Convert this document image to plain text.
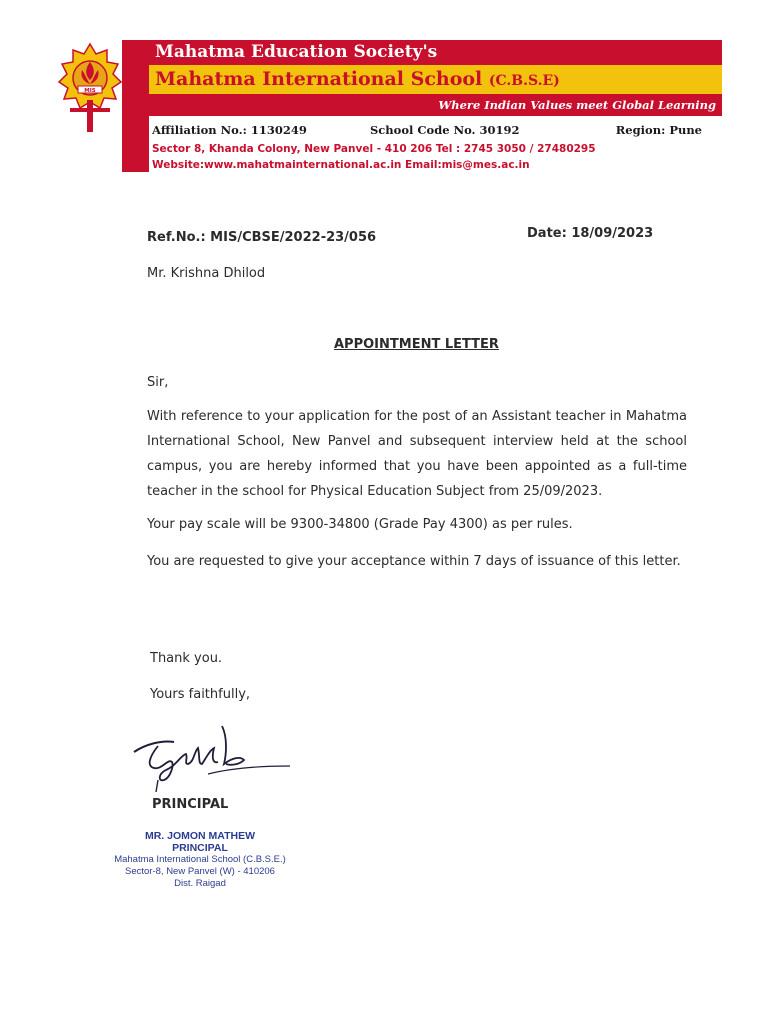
MIS
Mahatma Education Society's
Mahatma International School (C.B.S.E)
Where Indian Values meet Global Learning
Affiliation No.: 1130249	School Code No. 30192	Region: Pune
Sector 8, Khanda Colony, New Panvel - 410 206 Tel : 2745 3050 / 27480295
Website:www.mahatmainternational.ac.in Email:mis@mes.ac.in
Ref.No.: MIS/CBSE/2022-23/056	Date: 18/09/2023
Mr. Krishna Dhilod
APPOINTMENT LETTER
Sir,
With reference to your application for the post of an Assistant teacher in Mahatma International School, New Panvel and subsequent interview held at the school campus, you are hereby informed that you have been appointed as a full-time teacher in the school for Physical Education Subject from 25/09/2023.
Your pay scale will be 9300-34800 (Grade Pay 4300) as per rules.
You are requested to give your acceptance within 7 days of issuance of this letter.
Thank you.
Yours faithfully,
PRINCIPAL
MR. JOMON MATHEW
PRINCIPAL
Mahatma International School (C.B.S.E.)
Sector-8, New Panvel (W) - 410206
Dist. Raigad
